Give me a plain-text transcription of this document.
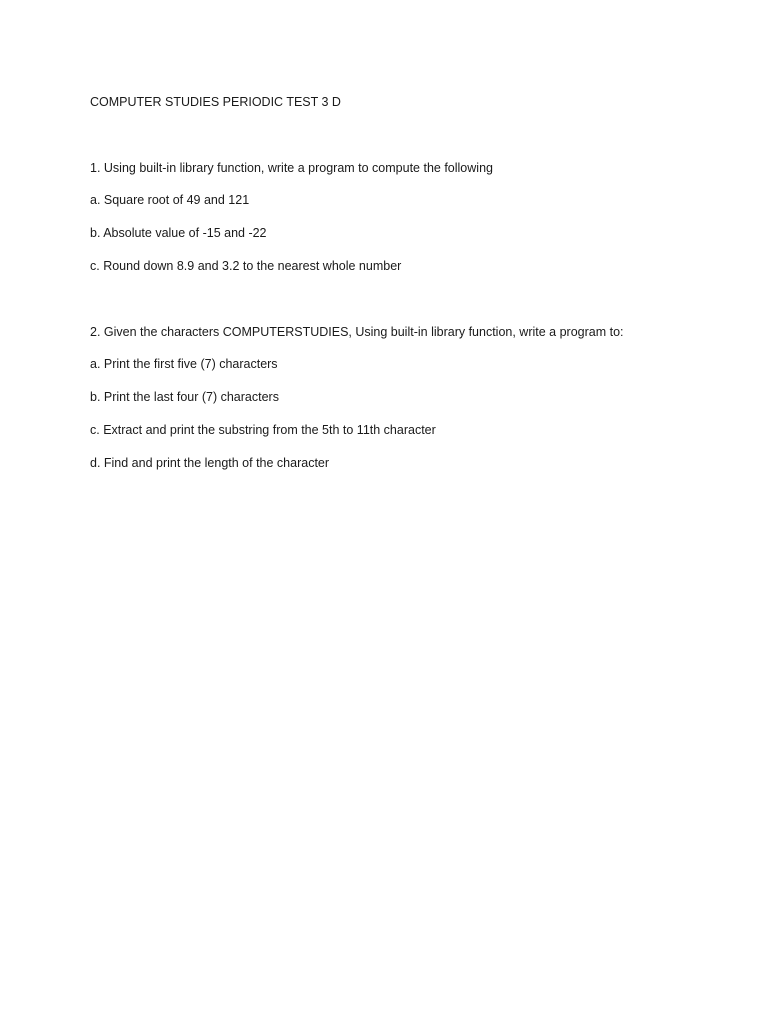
COMPUTER STUDIES PERIODIC TEST 3 D
1. Using built-in library function, write a program to compute the following
a. Square root of 49 and 121
b. Absolute value of -15 and -22
c. Round down 8.9 and 3.2 to the nearest whole number
2. Given the characters COMPUTERSTUDIES, Using built-in library function, write a program to:
a. Print the first five (7) characters
b. Print the last four (7) characters
c. Extract and print the substring from the 5th to 11th character
d. Find and print the length of the character
